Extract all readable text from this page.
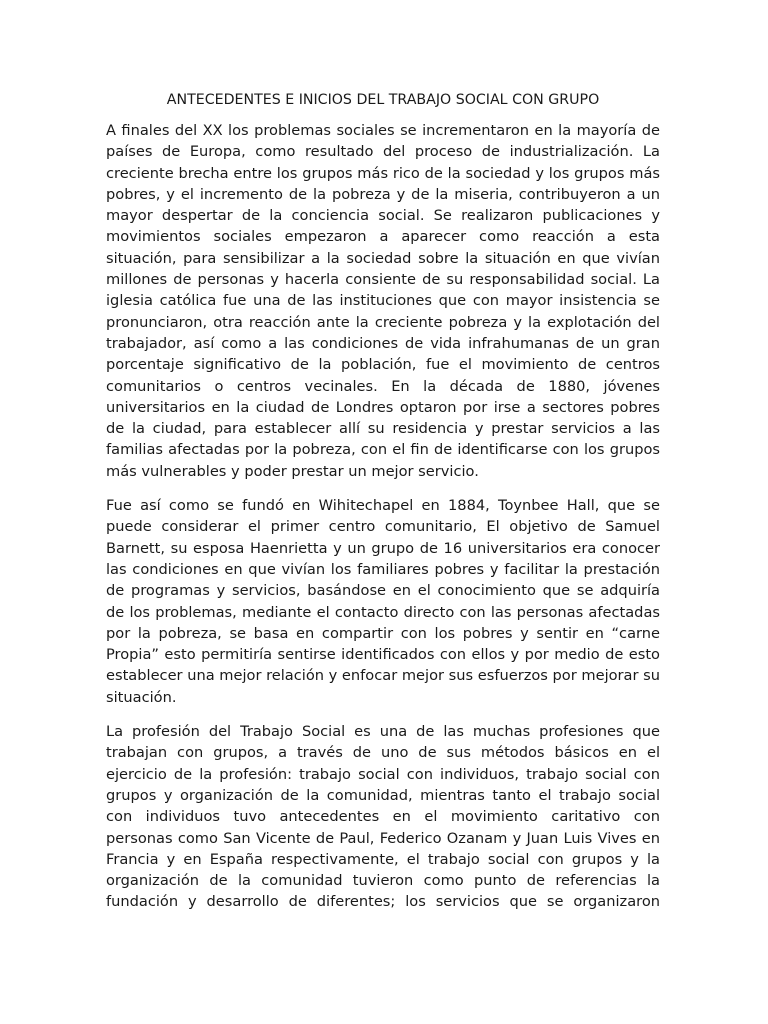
ANTECEDENTES E INICIOS DEL TRABAJO SOCIAL CON GRUPO

A finales del XX los problemas sociales se incrementaron en la mayoría de países de Europa, como resultado del proceso de industrialización. La creciente brecha entre los grupos más rico de la sociedad y los grupos más pobres, y el incremento de la pobreza y de la miseria, contribuyeron a un mayor despertar de la conciencia social. Se realizaron publicaciones y movimientos sociales empezaron a aparecer como reacción a esta situación, para sensibilizar a la sociedad sobre la situación en que vivían millones de personas y hacerla consiente de su responsabilidad social. La iglesia católica fue una de las instituciones que con mayor insistencia se pronunciaron, otra reacción ante la creciente pobreza y la explotación del trabajador, así como a las condiciones de vida infrahumanas de un gran porcentaje significativo de la población, fue el movimiento de centros comunitarios o centros vecinales. En la década de 1880, jóvenes universitarios en la ciudad de Londres optaron por irse a sectores pobres de la ciudad, para establecer allí su residencia y prestar servicios a las familias afectadas por la pobreza, con el fin de identificarse con los grupos más vulnerables y poder prestar un mejor servicio.

Fue así como se fundó en Wihitechapel en 1884, Toynbee Hall, que se puede considerar el primer centro comunitario, El objetivo de Samuel Barnett, su esposa Haenrietta y un grupo de 16 universitarios era conocer las condiciones en que vivían los familiares pobres y facilitar la prestación de programas y servicios, basándose en el conocimiento que se adquiría de los problemas, mediante el contacto directo con las personas afectadas por la pobreza, se basa en compartir con los pobres y sentir en “carne Propia” esto permitiría sentirse identificados con ellos y por medio de esto establecer una mejor relación y enfocar mejor sus esfuerzos por mejorar su situación.

La profesión del Trabajo Social es una de las muchas profesiones que trabajan con grupos, a través de uno de sus métodos básicos en el ejercicio de la profesión: trabajo social con individuos, trabajo social con grupos y organización de la comunidad, mientras tanto el trabajo social con individuos tuvo antecedentes en el movimiento caritativo con personas como San Vicente de Paul, Federico Ozanam y Juan Luis Vives en Francia y en España respectivamente, el trabajo social con grupos y la organización de la comunidad tuvieron como punto de referencias la fundación y desarrollo de diferentes; los servicios que se organizaron
